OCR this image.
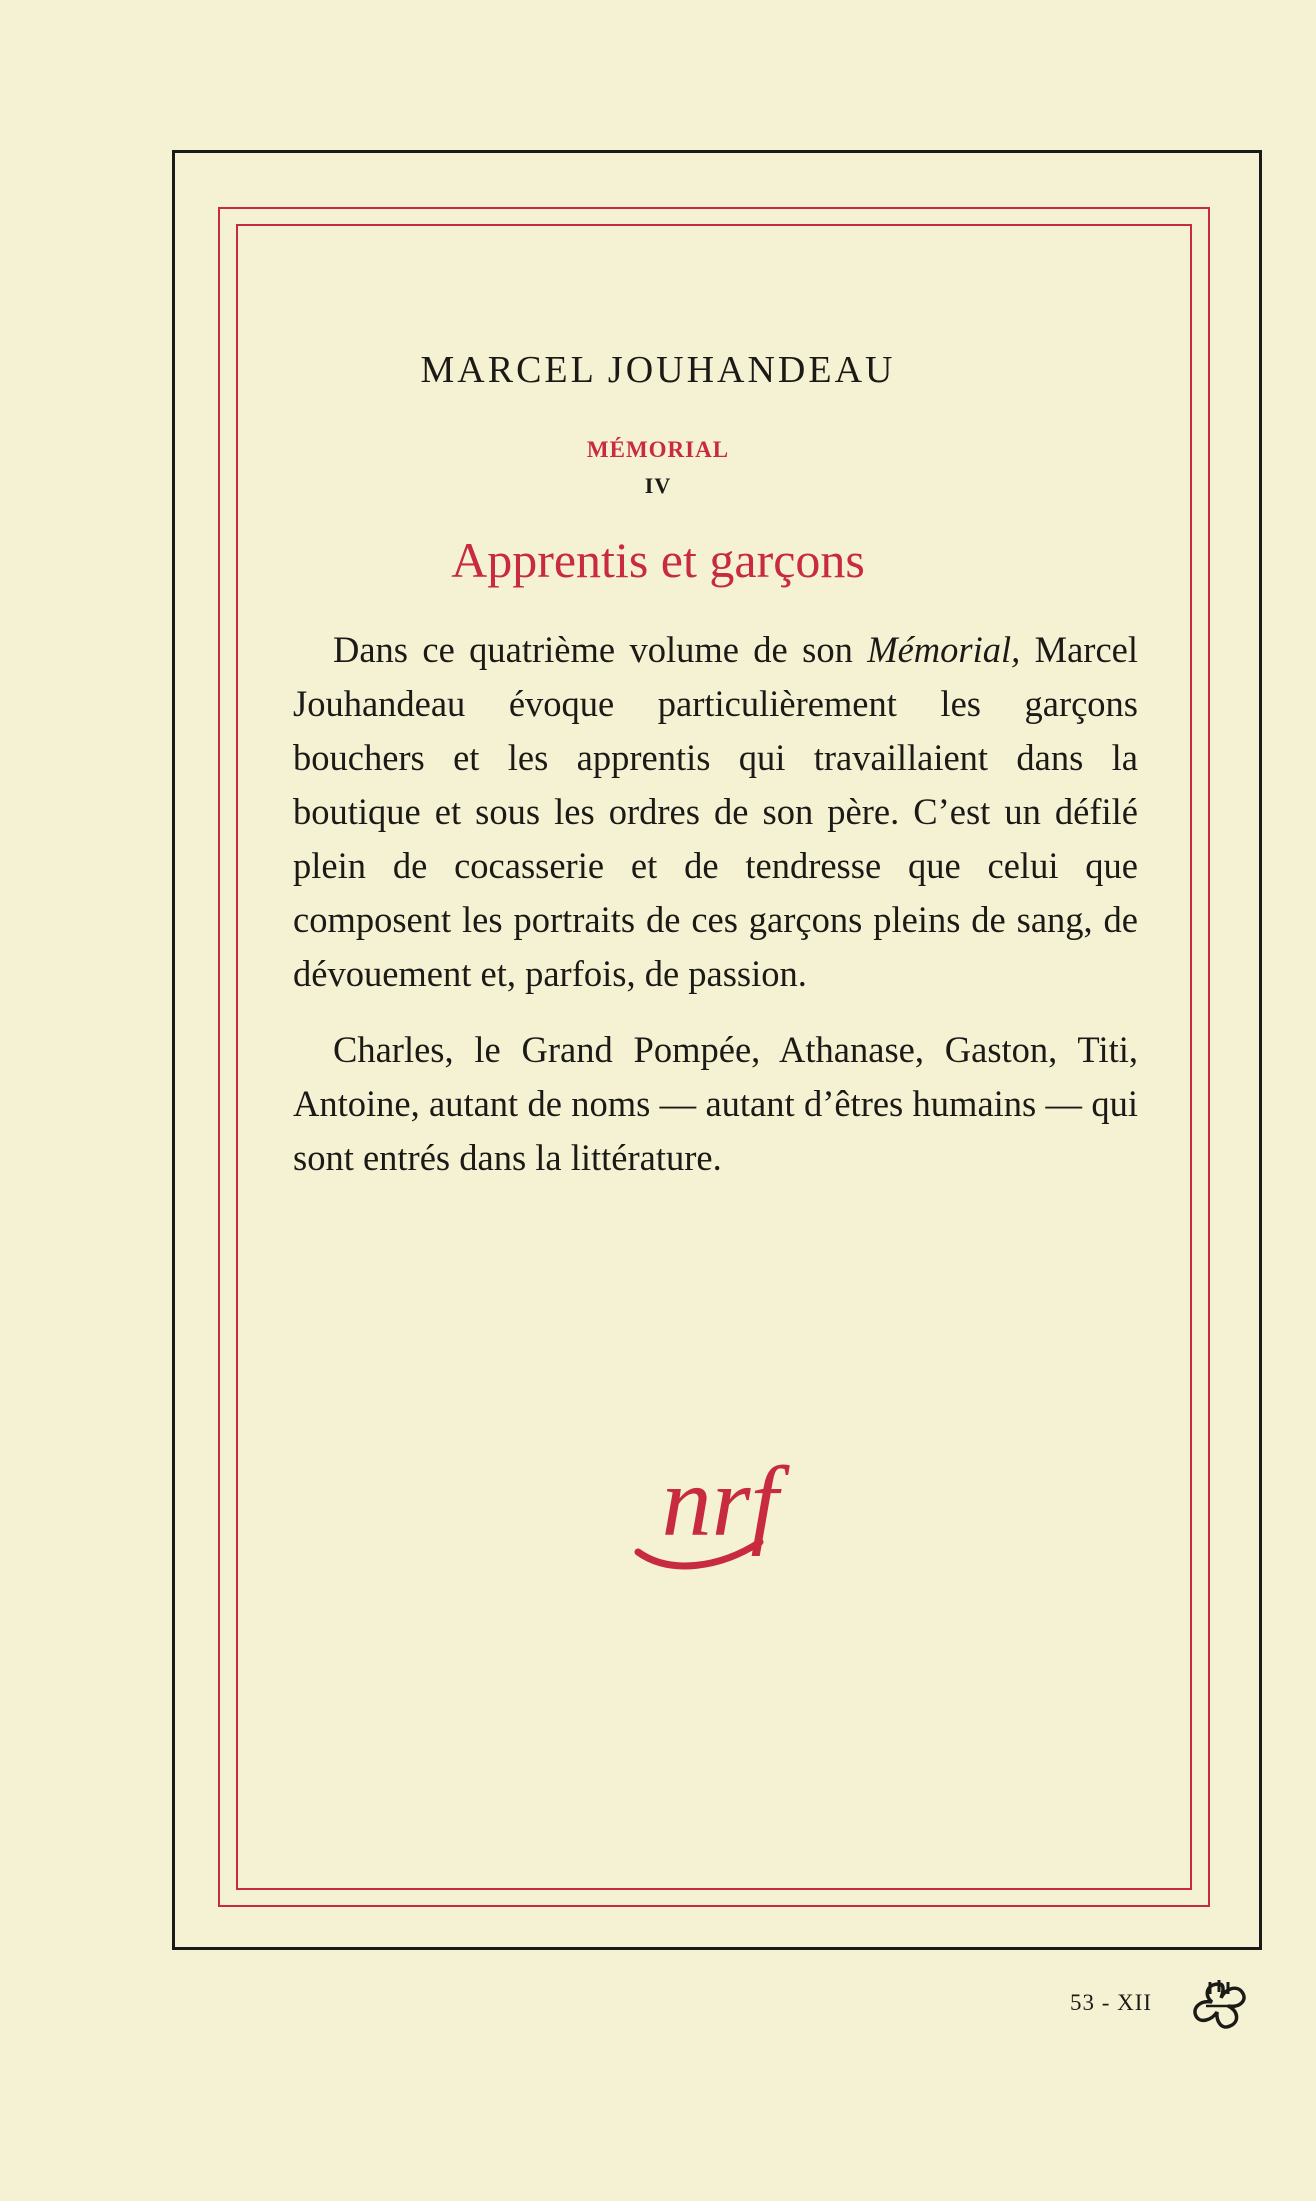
MARCEL JOUHANDEAU
MÉMORIAL
IV
Apprentis et garçons

Dans ce quatrième volume de son Mémorial, Marcel Jouhandeau évoque particulièrement les garçons bouchers et les apprentis qui travaillaient dans la boutique et sous les ordres de son père. C’est un défilé plein de cocasserie et de tendresse que celui que composent les portraits de ces garçons pleins de sang, de dévouement et, parfois, de passion.

Charles, le Grand Pompée, Athanase, Gaston, Titi, Antoine, autant de noms — autant d’êtres humains — qui sont entrés dans la littérature.

nrf
53 - XII
